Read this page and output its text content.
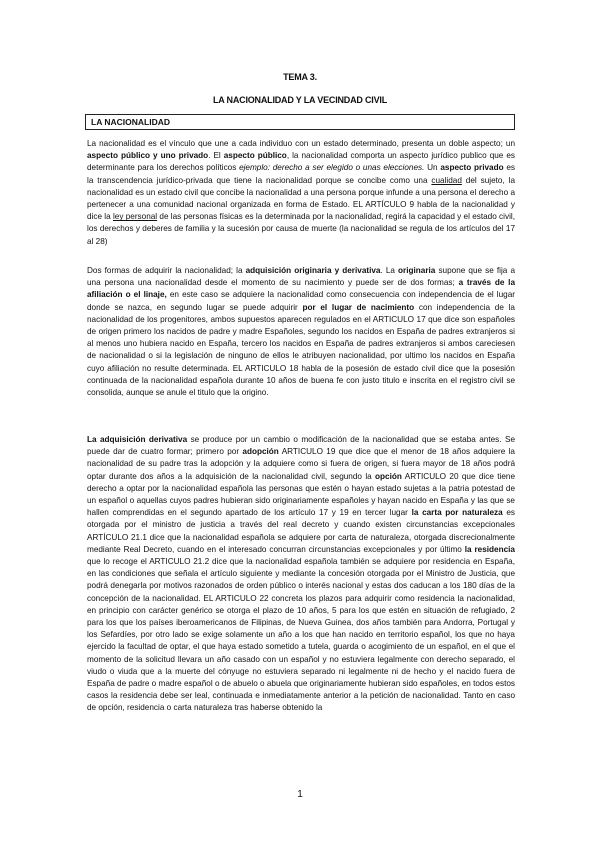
TEMA 3.
LA NACIONALIDAD Y LA VECINDAD CIVIL
LA NACIONALIDAD

La nacionalidad es el vínculo que une a cada individuo con un estado determinado, presenta un doble aspecto; un aspecto público y uno privado. El aspecto público, la nacionalidad comporta un aspecto jurídico publico que es determinante para los derechos políticos ejemplo: derecho a ser elegido o unas elecciones. Un aspecto privado es la transcendencia jurídico-privada que tiene la nacionalidad porque se concibe como una cualidad del sujeto, la nacionalidad es un estado civil que concibe la nacionalidad a una persona porque infunde a una persona el derecho a pertenecer a una comunidad nacional organizada en forma de Estado. EL ARTÍCULO 9 habla de la nacionalidad y dice la ley personal de las personas físicas es la determinada por la nacionalidad, regirá la capacidad y el estado civil, los derechos y deberes de familia y la sucesión por causa de muerte (la nacionalidad se regula de los artículos del 17 al 28)

Dos formas de adquirir la nacionalidad; la adquisición originaria y derivativa. La originaria supone que se fija a una persona una nacionalidad desde el momento de su nacimiento y puede ser de dos formas; a través de la afiliación o el linaje, en este caso se adquiere la nacionalidad como consecuencia con independencia de el lugar donde se nazca, en segundo lugar se puede adquirir por el lugar de nacimiento con independencia de la nacionalidad de los progenitores, ambos supuestos aparecen regulados en el ARTICULO 17 que dice son españoles de origen primero los nacidos de padre y madre Españoles, segundo los nacidos en España de padres extranjeros si al menos uno hubiera nacido en España, tercero los nacidos en España de padres extranjeros si ambos careciesen de nacionalidad o si la legislación de ninguno de ellos le atribuyen nacionalidad, por ultimo los nacidos en España cuyo afiliación no resulte determinada. EL ARTICULO 18 habla de la posesión de estado civil dice que la posesión continuada de la nacionalidad española durante 10 años de buena fe con justo titulo e inscrita en el registro civil se consolida, aunque se anule el titulo que la origino.

La adquisición derivativa se produce por un cambio o modificación de la nacionalidad que se estaba antes. Se puede dar de cuatro formar; primero por adopción ARTICULO 19 que dice que el menor de 18 años adquiere la nacionalidad de su padre tras la adopción y la adquiere como si fuera de origen, si fuera mayor de 18 años podrá optar durante dos años a la adquisición de la nacionalidad civil, segundo la opción ARTICULO 20 que dice tiene derecho a optar por la nacionalidad española las personas que estén o hayan estado sujetas a la patria potestad de un español o aquellas cuyos padres hubieran sido originariamente españoles y hayan nacido en España y las que se hallen comprendidas en el segundo apartado de los artículo 17 y 19 en tercer lugar la carta por naturaleza es otorgada por el ministro de justicia a través del real decreto y cuando existen circunstancias excepcionales ARTÍCULO 21.1 dice que la nacionalidad española se adquiere por carta de naturaleza, otorgada discrecionalmente mediante Real Decreto, cuando en el interesado concurran circunstancias excepcionales y por último la residencia que lo recoge el ARTICULO 21.2 dice que la nacionalidad española también se adquiere por residencia en España, en las condiciones que señala el artículo siguiente y mediante la concesión otorgada por el Ministro de Justicia, que podrá denegarla por motivos razonados de orden público o interés nacional y estas dos caducan a los 180 días de la concepción de la nacionalidad. EL ARTICULO 22 concreta los plazos para adquirir como residencia la nacionalidad, en principio con carácter genérico se otorga el plazo de 10 años, 5 para los que estén en situación de refugiado, 2 para los que los países iberoamericanos de Filipinas, de Nueva Guinea, dos años también para Andorra, Portugal y los Sefardíes, por otro lado se exige solamente un año a los que han nacido en territorio español, los que no haya ejercido la facultad de optar, el que haya estado sometido a tutela, guarda o acogimiento de un español, en el que el momento de la solicitud llevara un año casado con un español y no estuviera legalmente con derecho separado, el viudo o viuda que a la muerte del cónyuge no estuviera separado ni legalmente ni de hecho y el nacido fuera de España de padre o madre español o de abuelo o abuela que originariamente hubieran sido españoles, en todos estos casos la residencia debe ser leal, continuada e inmediatamente anterior a la petición de nacionalidad. Tanto en caso de opción, residencia o carta naturaleza tras haberse obtenido la

1
